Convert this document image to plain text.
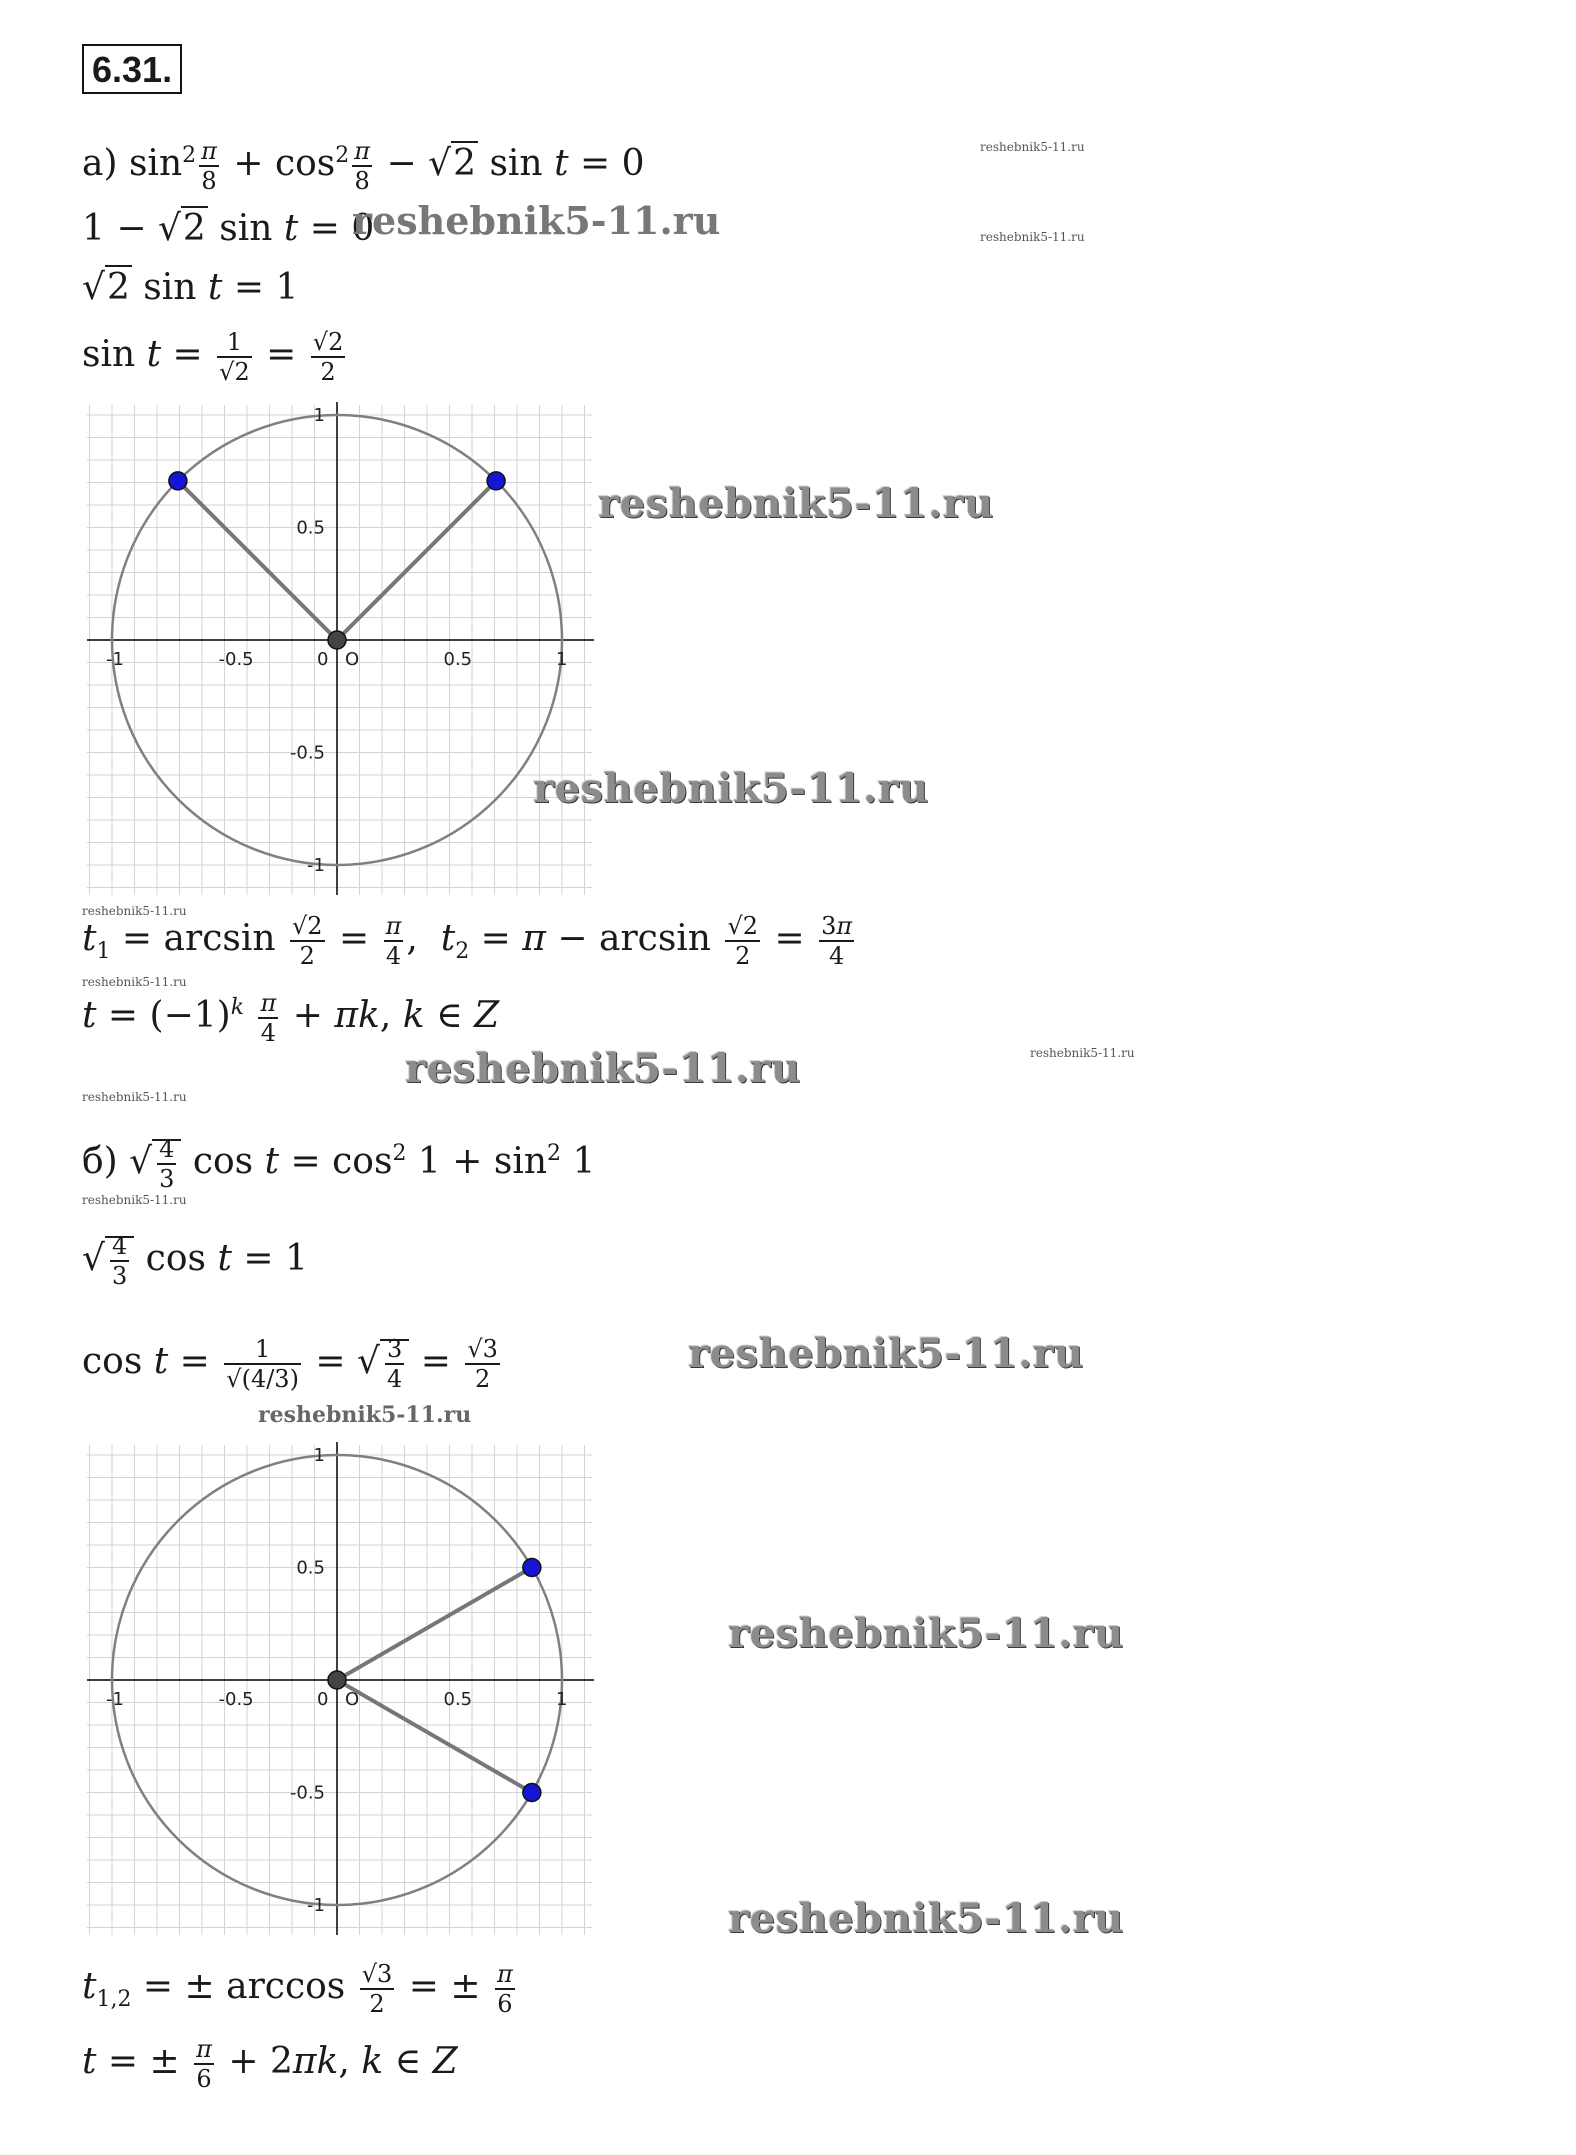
6.31.
а) $\sin^2 \frac{\pi}{8} + \cos^2 \frac{\pi}{8} - √2$ sin t = 0
1 − √2 sin t = 0
√2 sin t = 1
$\sin t = \frac{1}{√2} = \frac{√2}{2}$
-1	-0.5	0	0.5	1
O
1
0.5
-0.5
-1
$t_1 = \arcsin \frac{√2}{2} = \frac{\pi}{4}$ ,  $t_2 = \pi - \arcsin \frac{√2}{2} = \frac{3\pi}{4}$
$t = (-1)^k \frac{\pi}{4} + \pi k$, k ∈ Z
б) √ $\frac{4}{3}$ $\cos t = \cos^2 1 + \sin^2 1$
√ $\frac{4}{3}$ cos t = 1
$\cos t = \frac{1}{√(4/3)}$ = √ $\frac{3}{4} = \frac{√3}{2}$
-1	-0.5	0	0.5	1
O
1
0.5
-0.5
-1
$t_{1,2}$ = ± $\arccos \frac{√3}{2}$ = ± $\frac{\pi}{6}$
t = ± $\frac{\pi}{6} + 2\pi k$, k ∈ Z
reshebnik5-11.ru
reshebnik5-11.ru	reshebnik5-11.ru
reshebnik5-11.ru
reshebnik5-11.ru
reshebnik5-11.ru
reshebnik5-11.ru
reshebnik5-11.ru
reshebnik5-11.ru
reshebnik5-11.ru
reshebnik5-11.ru
reshebnik5-11.ru
reshebnik5-11.ru
reshebnik5-11.ru
reshebnik5-11.ru
